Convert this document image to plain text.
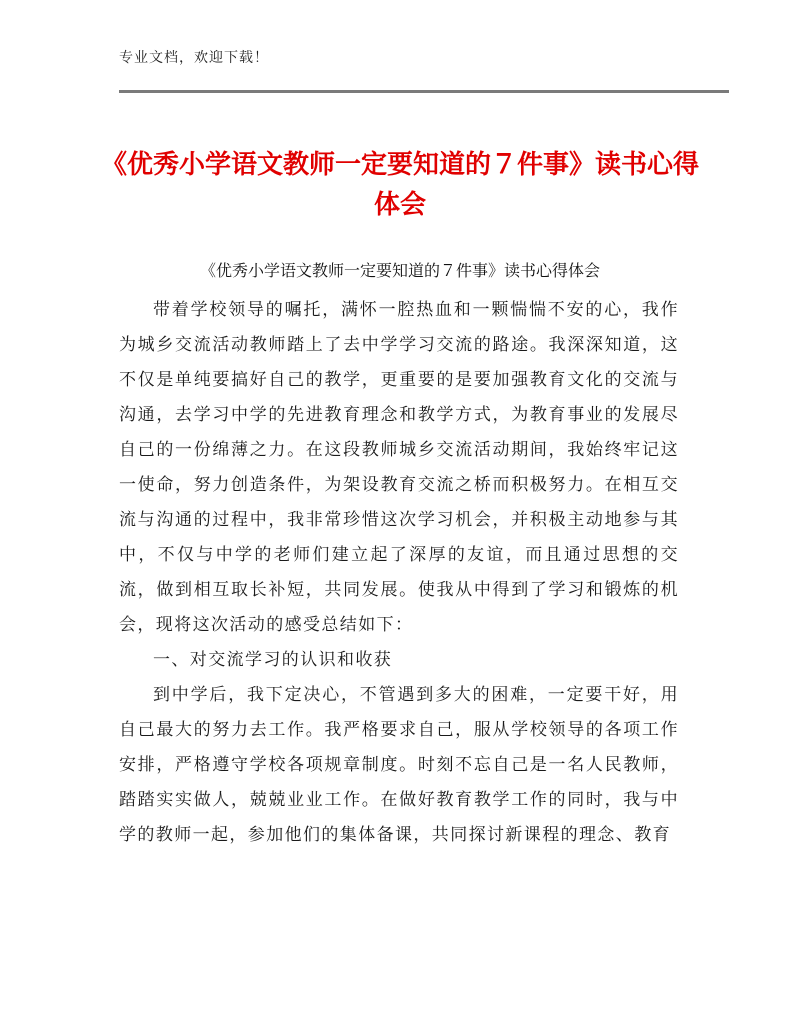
专业文档，欢迎下载！
《优秀小学语文教师一定要知道的７件事》读书心得体会
《优秀小学语文教师一定要知道的７件事》读书心得体会

带着学校领导的嘱托，满怀一腔热血和一颗惴惴不安的心，我作为城乡交流活动教师踏上了去中学学习交流的路途。我深深知道，这不仅是单纯要搞好自己的教学，更重要的是要加强教育文化的交流与沟通，去学习中学的先进教育理念和教学方式，为教育事业的发展尽自己的一份绵薄之力。在这段教师城乡交流活动期间，我始终牢记这一使命，努力创造条件，为架设教育交流之桥而积极努力。在相互交流与沟通的过程中，我非常珍惜这次学习机会，并积极主动地参与其中，不仅与中学的老师们建立起了深厚的友谊，而且通过思想的交流，做到相互取长补短，共同发展。使我从中得到了学习和锻炼的机会，现将这次活动的感受总结如下：

一、对交流学习的认识和收获

到中学后，我下定决心，不管遇到多大的困难，一定要干好，用自己最大的努力去工作。我严格要求自己，服从学校领导的各项工作安排，严格遵守学校各项规章制度。时刻不忘自己是一名人民教师，踏踏实实做人，兢兢业业工作。在做好教育教学工作的同时，我与中学的教师一起，参加他们的集体备课，共同探讨新课程的理念、教育
